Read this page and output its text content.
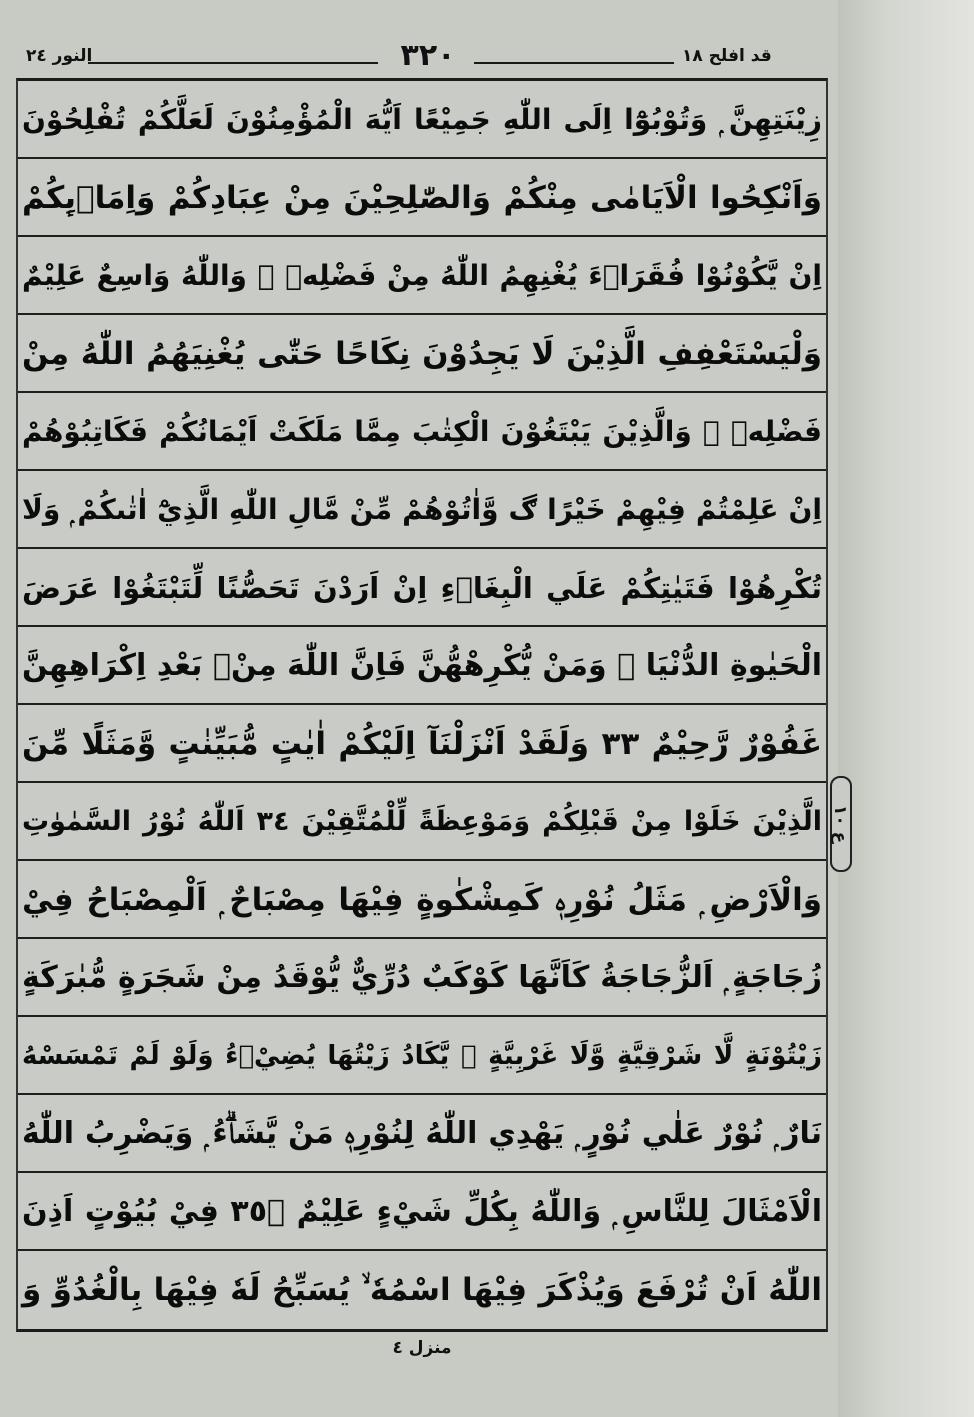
النور ٢٤	٣٢٠	قد افلح ١٨
زِيْنَتِهِنَّ ۭ وَتُوْبُوْٓا اِلَى اللّٰهِ جَمِيْعًا اَيُّهَ الْمُؤْمِنُوْنَ لَعَلَّكُمْ تُفْلِحُوْنَ
وَاَنْكِحُوا الْاَيَامٰى مِنْكُمْ وَالصّٰلِحِيْنَ مِنْ عِبَادِكُمْ وَاِمَاۗىِٕكُمْ
اِنْ يَّكُوْنُوْا فُقَرَاۗءَ يُغْنِهِمُ اللّٰهُ مِنْ فَضْلِهٖ ۭ وَاللّٰهُ وَاسِعٌ عَلِيْمٌ
وَلْيَسْتَعْفِفِ الَّذِيْنَ لَا يَجِدُوْنَ نِكَاحًا حَتّٰى يُغْنِيَهُمُ اللّٰهُ مِنْ
فَضْلِهٖ ۭ وَالَّذِيْنَ يَبْتَغُوْنَ الْكِتٰبَ مِمَّا مَلَكَتْ اَيْمَانُكُمْ فَكَاتِبُوْهُمْ
اِنْ عَلِمْتُمْ فِيْهِمْ خَيْرًا ڰ وَّاٰتُوْهُمْ مِّنْ مَّالِ اللّٰهِ الَّذِيْٓ اٰتٰىكُمْ ۭ وَلَا
تُكْرِهُوْا فَتَيٰتِكُمْ عَلَي الْبِغَاۗءِ اِنْ اَرَدْنَ تَحَصُّنًا لِّتَبْتَغُوْا عَرَضَ
الْحَيٰوةِ الدُّنْيَا ۭ وَمَنْ يُّكْرِھْهُّنَّ فَاِنَّ اللّٰهَ مِنْۢ بَعْدِ اِكْرَاهِهِنَّ
غَفُوْرٌ رَّحِيْمٌ ٣٣ وَلَقَدْ اَنْزَلْنَآ اِلَيْكُمْ اٰيٰتٍ مُّبَيِّنٰتٍ وَّمَثَلًا مِّنَ
الَّذِيْنَ خَلَوْا مِنْ قَبْلِكُمْ وَمَوْعِظَةً لِّلْمُتَّقِيْنَ ٣٤ اَللّٰهُ نُوْرُ السَّمٰوٰتِ
وَالْاَرْضِ ۭ مَثَلُ نُوْرِهٖ كَمِشْكٰوةٍ فِيْهَا مِصْبَاحٌ ۭ اَلْمِصْبَاحُ فِيْ
زُجَاجَةٍ ۭ اَلزُّجَاجَةُ كَاَنَّهَا كَوْكَبٌ دُرِّيٌّ يُّوْقَدُ مِنْ شَجَرَةٍ مُّبٰرَكَةٍ
زَيْتُوْنَةٍ لَّا شَرْقِيَّةٍ وَّلَا غَرْبِيَّةٍ ۙ يَّكَادُ زَيْتُهَا يُضِيْۗءُ وَلَوْ لَمْ تَمْسَسْهُ
نَارٌ ۭ نُوْرٌ عَلٰي نُوْرٍ ۭ يَهْدِي اللّٰهُ لِنُوْرِهٖ مَنْ يَّشَاۗءُ ۭ وَيَضْرِبُ اللّٰهُ
الْاَمْثَالَ لِلنَّاسِ ۭ وَاللّٰهُ بِكُلِّ شَيْءٍ عَلِيْمٌ ٣٥ۙ فِيْ بُيُوْتٍ اَذِنَ
اللّٰهُ اَنْ تُرْفَعَ وَيُذْكَرَ فِيْهَا اسْمُهٗ ۙ يُسَبِّحُ لَهٗ فِيْهَا بِالْغُدُوِّ وَ
ع ١٠
منزل ٤
